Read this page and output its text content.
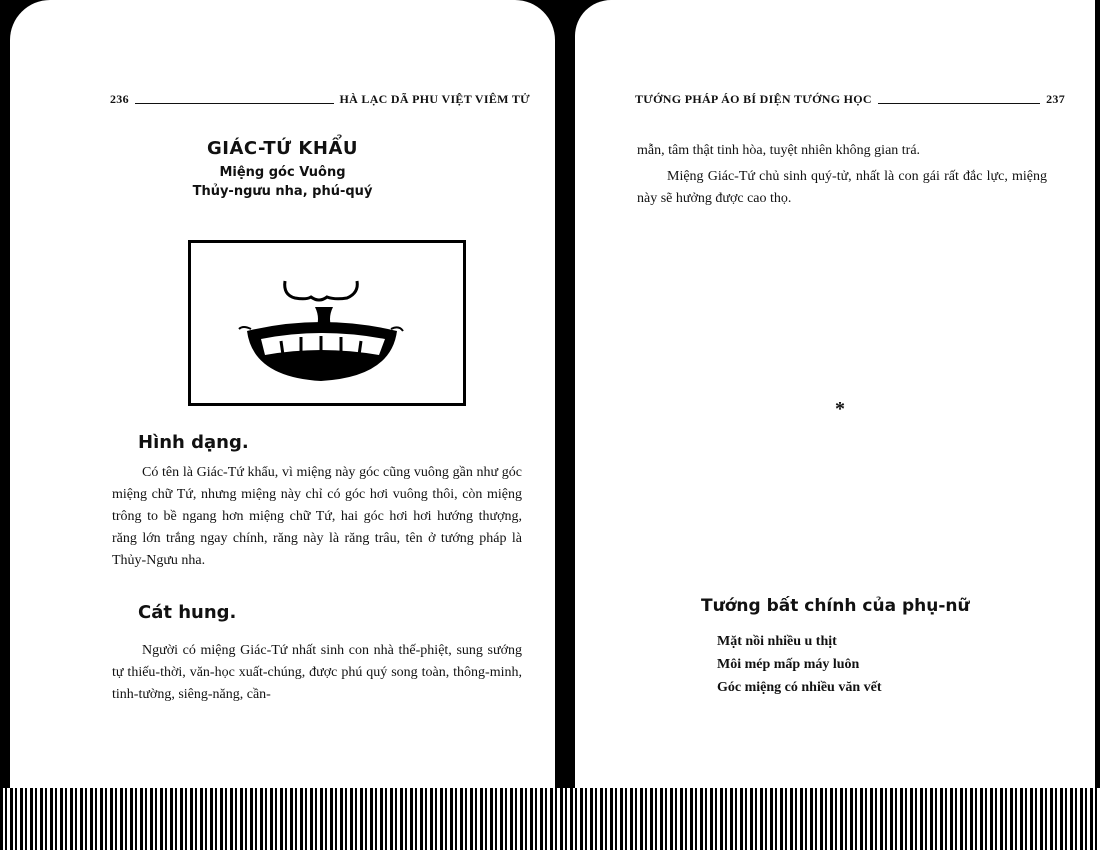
236	HÀ LẠC DÃ PHU VIỆT VIÊM TỬ
GIÁC-TỨ KHẨU
Miệng góc Vuông
Thủy-ngưu nha, phú-quý
Hình dạng.

Có tên là Giác-Tứ khẩu, vì miệng này góc cũng vuông gần như góc miệng chữ Tứ, nhưng miệng này chỉ có góc hơi vuông thôi, còn miệng trông to bề ngang hơn miệng chữ Tứ, hai góc hơi hơi hướng thượng, răng lớn trắng ngay chính, răng này là răng trâu, tên ở tướng pháp là Thủy-Ngưu nha.

Cát hung.

Người có miệng Giác-Tứ nhất sinh con nhà thế-phiệt, sung sướng tự thiếu-thời, văn-học xuất-chúng, được phú quý song toàn, thông-minh, tinh-tường, siêng-năng, cần-

TƯỚNG PHÁP ÁO BÍ DIỆN TƯỚNG HỌC	237

mẫn, tâm thật tinh hòa, tuyệt nhiên không gian trá.

Miệng Giác-Tứ chủ sinh quý-tử, nhất là con gái rất đắc lực, miệng này sẽ hưởng được cao thọ.

*
Tướng bất chính của phụ-nữ
Mặt nồi nhiều u thịt
Môi mép mấp máy luôn
Góc miệng có nhiều văn vết
